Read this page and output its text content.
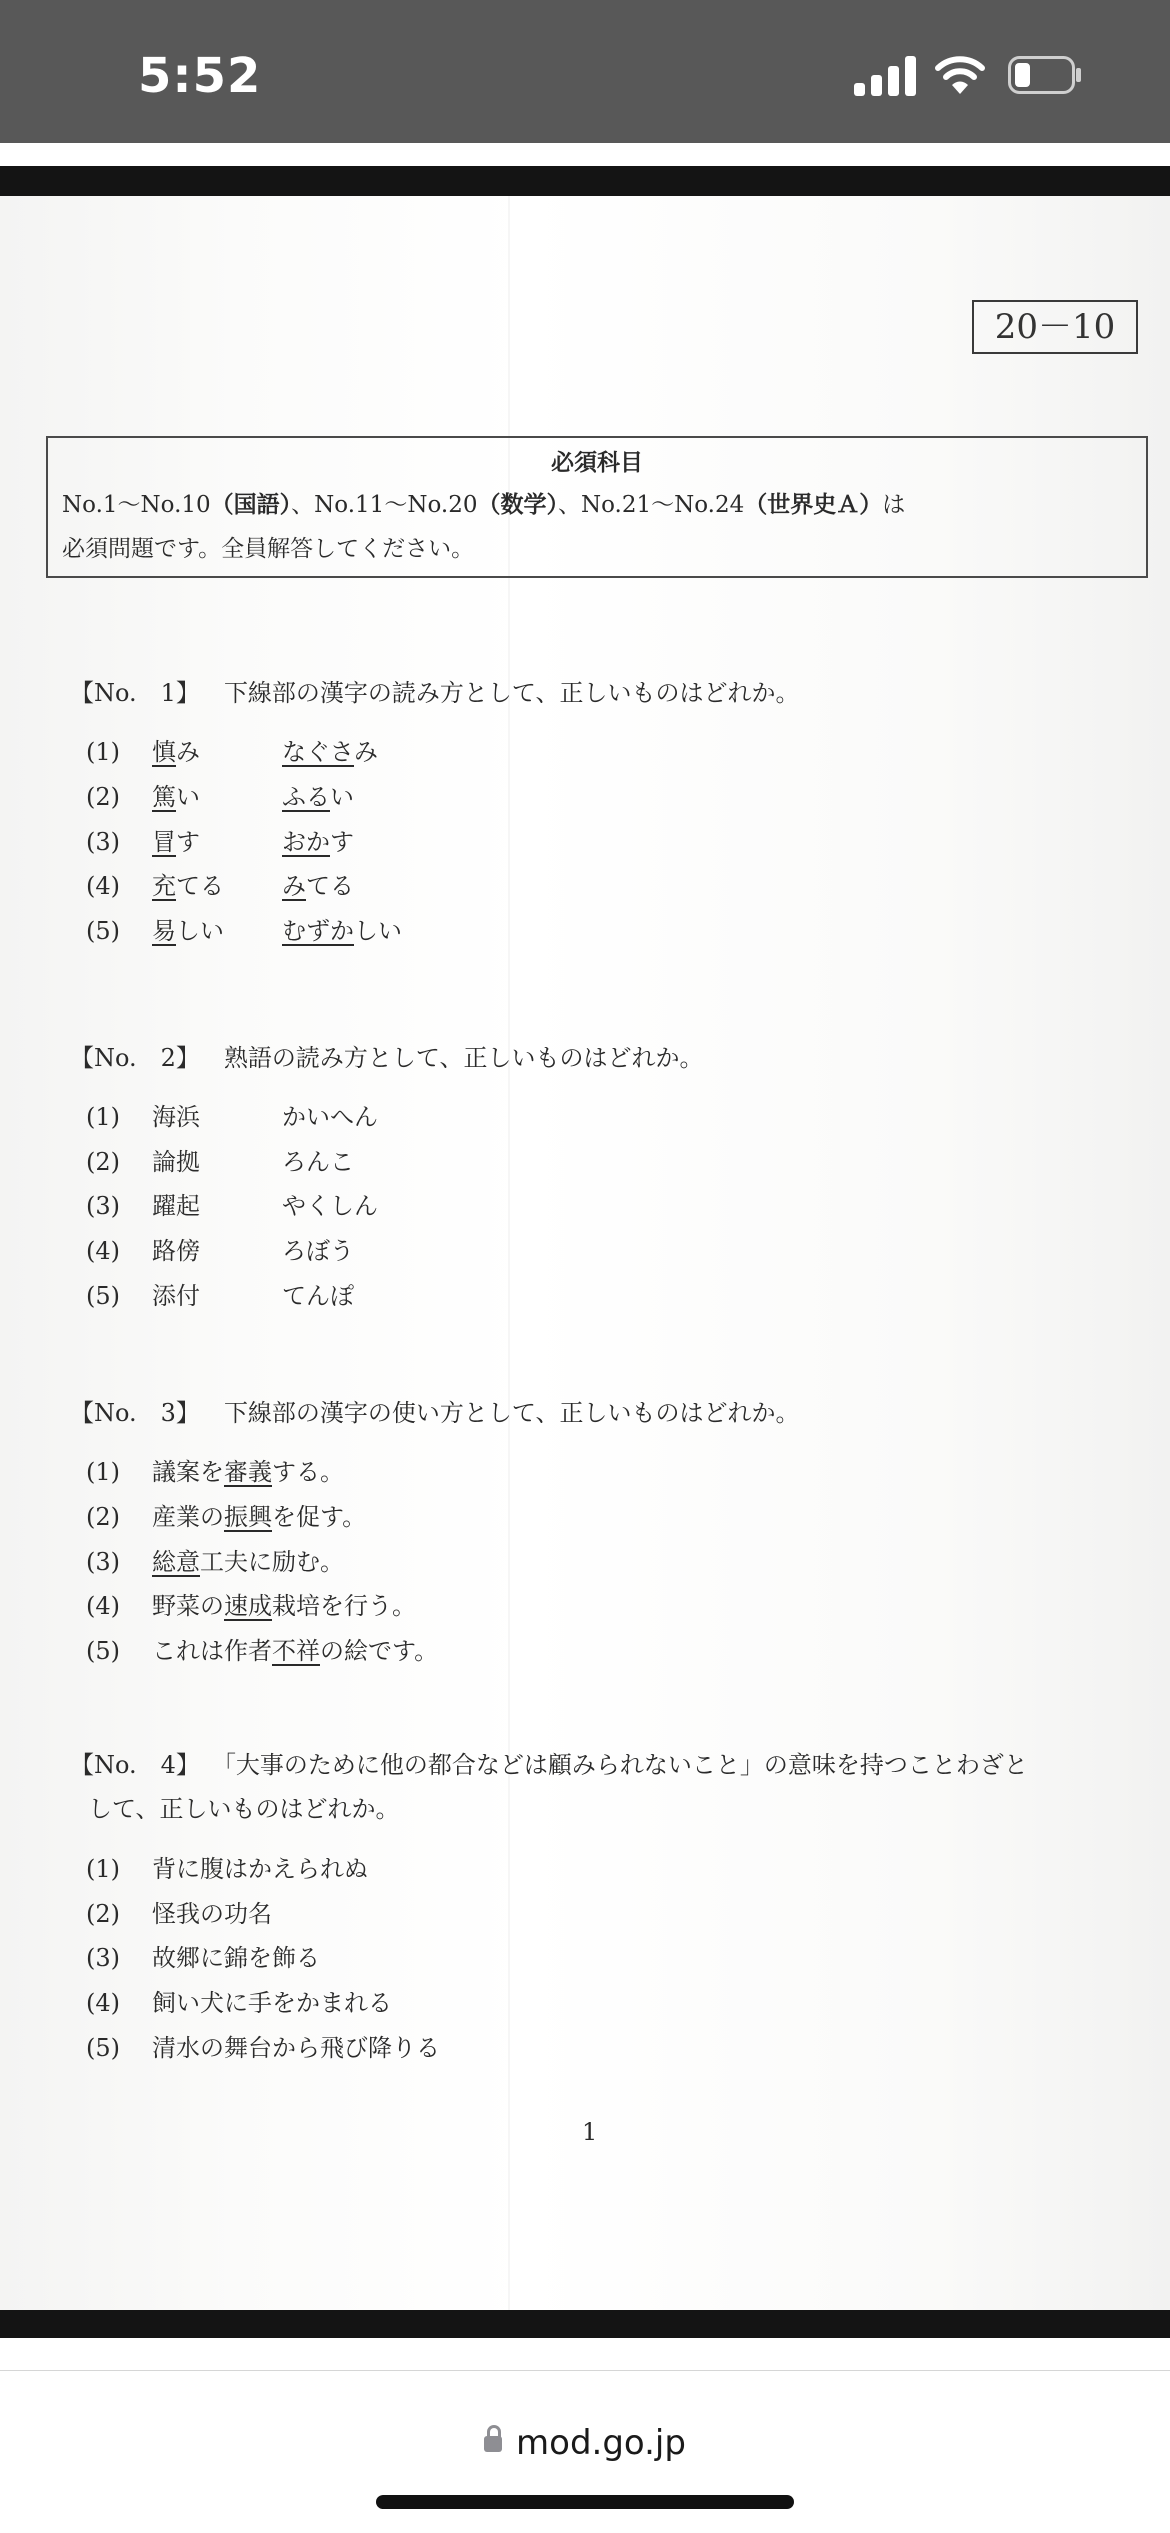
5:52
20－10
必須科目
No.1〜No.10（国語）、No.11〜No.20（数学）、No.21〜No.24（世界史Ａ）は
必須問題です。全員解答してください。
【No.　1】 下線部の漢字の読み方として、正しいものはどれか。
(1) 慎み	なぐさみ
(2) 篤い	ふるい
(3) 冒す	おかす
(4) 充てる みてる
(5) 易しい むずかしい
【No.　2】 熟語の読み方として、正しいものはどれか。
(1) 海浜	かいへん
(2) 論拠	ろんこ
(3) 躍起	やくしん
(4) 路傍	ろぼう
(5) 添付	てんぽ
【No.　3】 下線部の漢字の使い方として、正しいものはどれか。
(1) 議案を審義する。
(2) 産業の振興を促す。
(3) 総意工夫に励む。
(4) 野菜の速成栽培を行う。
(5) これは作者不祥の絵です。
【No.　4】 「大事のために他の都合などは顧みられないこと」の意味を持つことわざと
して、正しいものはどれか。
(1) 背に腹はかえられぬ
(2) 怪我の功名
(3) 故郷に錦を飾る
(4) 飼い犬に手をかまれる
(5) 清水の舞台から飛び降りる
1
mod.go.jp
